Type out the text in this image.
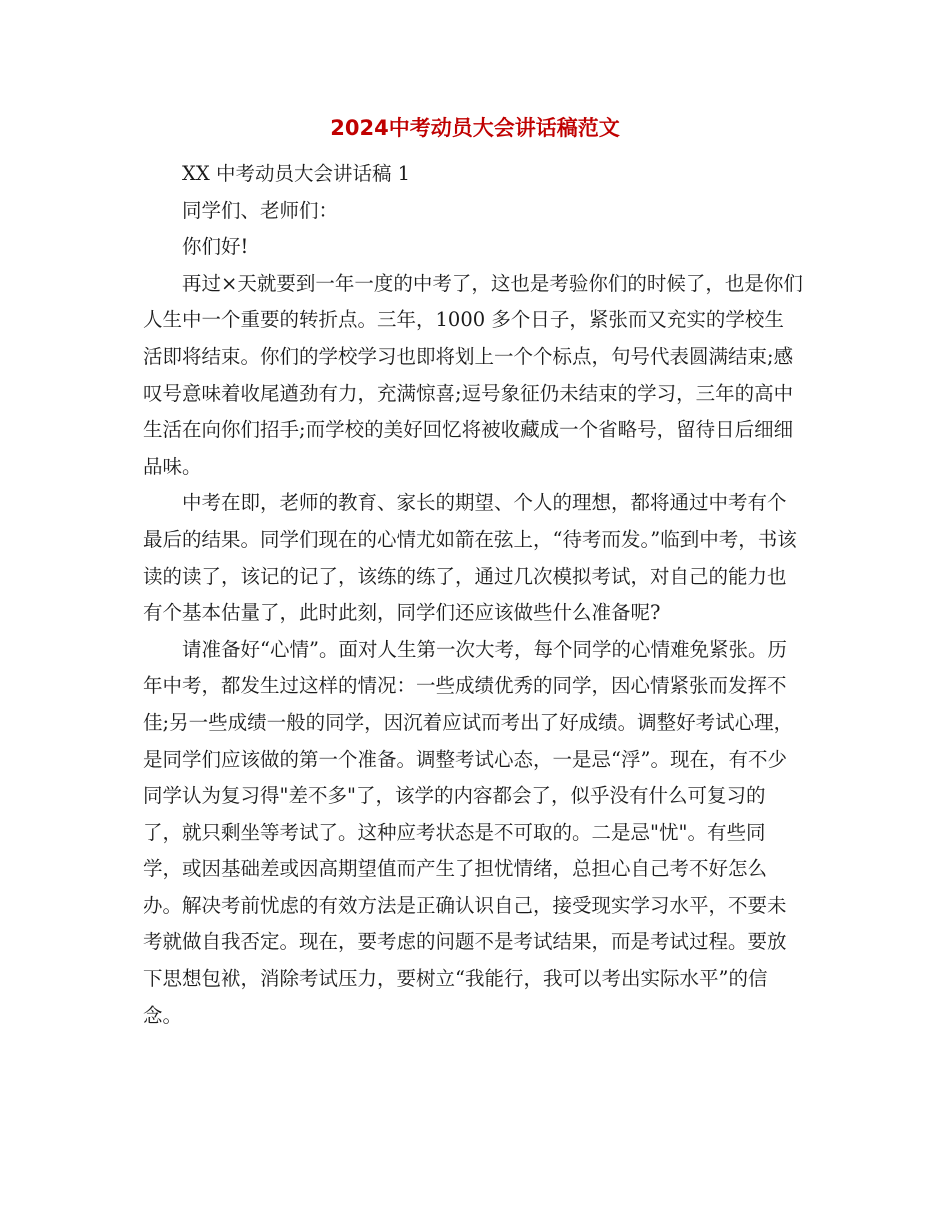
2024中考动员大会讲话稿范文

XX 中考动员大会讲话稿 1

同学们、老师们：

你们好!

再过×天就要到一年一度的中考了，这也是考验你们的时候了，也是你们人生中一个重要的转折点。三年，1000 多个日子，紧张而又充实的学校生活即将结束。你们的学校学习也即将划上一个个标点，句号代表圆满结束;感叹号意味着收尾遒劲有力，充满惊喜;逗号象征仍未结束的学习，三年的高中生活在向你们招手;而学校的美好回忆将被收藏成一个省略号，留待日后细细品味。

中考在即，老师的教育、家长的期望、个人的理想，都将通过中考有个最后的结果。同学们现在的心情尤如箭在弦上，“待考而发。”临到中考，书该读的读了，该记的记了，该练的练了，通过几次模拟考试，对自己的能力也有个基本估量了，此时此刻，同学们还应该做些什么准备呢?

请准备好“心情”。面对人生第一次大考，每个同学的心情难免紧张。历年中考，都发生过这样的情况：一些成绩优秀的同学，因心情紧张而发挥不佳;另一些成绩一般的同学，因沉着应试而考出了好成绩。调整好考试心理，是同学们应该做的第一个准备。调整考试心态，一是忌“浮”。现在，有不少同学认为复习得"差不多"了，该学的内容都会了，似乎没有什么可复习的了，就只剩坐等考试了。这种应考状态是不可取的。二是忌"忧"。有些同学，或因基础差或因高期望值而产生了担忧情绪，总担心自己考不好怎么办。解决考前忧虑的有效方法是正确认识自己，接受现实学习水平，不要未考就做自我否定。现在，要考虑的问题不是考试结果，而是考试过程。要放下思想包袱，消除考试压力，要树立“我能行，我可以考出实际水平”的信念。
